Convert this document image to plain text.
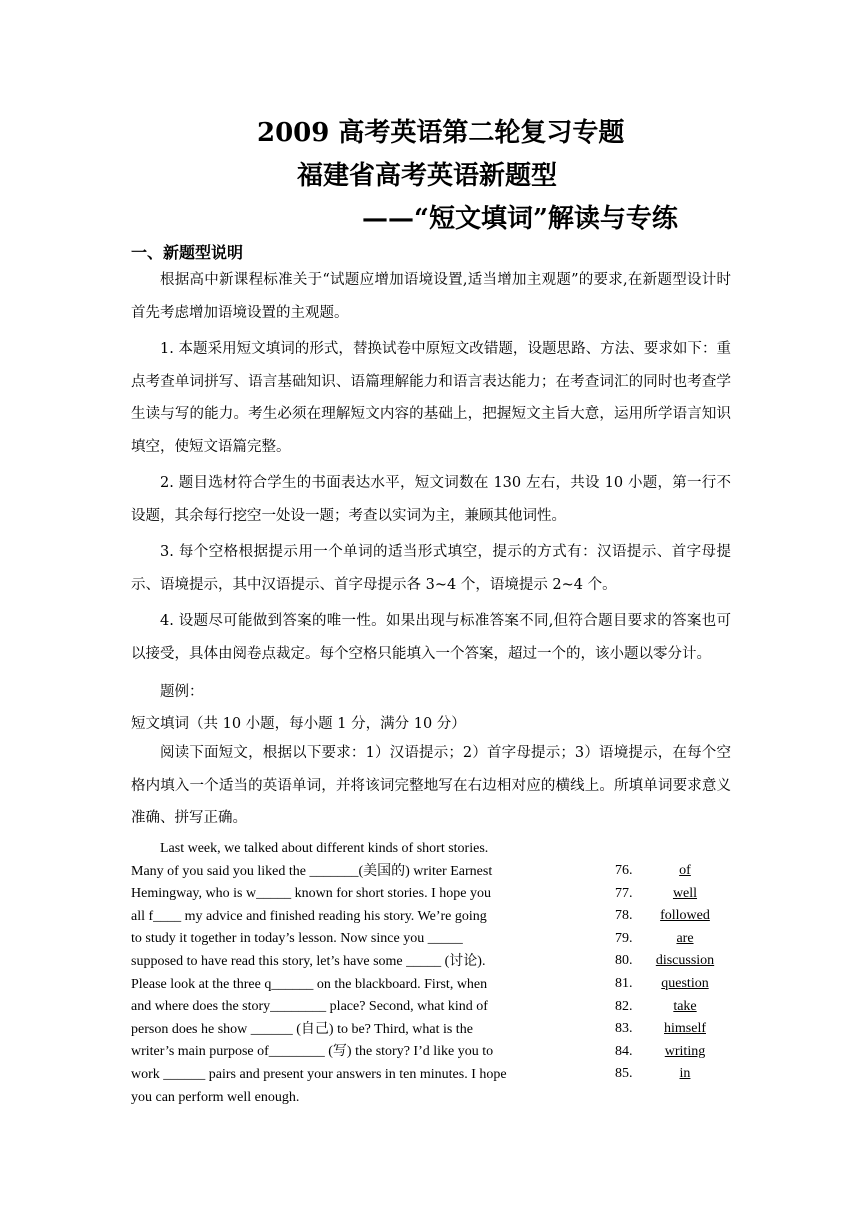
2009 高考英语第二轮复习专题
福建省高考英语新题型
——“短文填词”解读与专练
一、新题型说明
根据高中新课程标准关于“试题应增加语境设置,适当增加主观题”的要求,在新题型设计时首先考虑增加语境设置的主观题。
1. 本题采用短文填词的形式，替换试卷中原短文改错题，设题思路、方法、要求如下：重点考查单词拼写、语言基础知识、语篇理解能力和语言表达能力；在考查词汇的同时也考查学生读与写的能力。考生必须在理解短文内容的基础上，把握短文主旨大意，运用所学语言知识填空，使短文语篇完整。
2. 题目选材符合学生的书面表达水平，短文词数在 130 左右，共设 10 小题，第一行不设题，其余每行挖空一处设一题；考查以实词为主，兼顾其他词性。
3. 每个空格根据提示用一个单词的适当形式填空，提示的方式有：汉语提示、首字母提示、语境提示，其中汉语提示、首字母提示各 3~4 个，语境提示 2~4 个。
4. 设题尽可能做到答案的唯一性。如果出现与标准答案不同,但符合题目要求的答案也可以接受，具体由阅卷点裁定。每个空格只能填入一个答案，超过一个的，该小题以零分计。
题例：
短文填词（共 10 小题，每小题 1 分，满分 10 分）
阅读下面短文，根据以下要求：1）汉语提示；2）首字母提示；3）语境提示，在每个空格内填入一个适当的英语单词，并将该词完整地写在右边相对应的横线上。所填单词要求意义准确、拼写正确。
Last week, we talked about different kinds of short stories.
Many of you said you liked the _______(美国的) writer Earnest
Hemingway, who is w_____ known for short stories. I hope you
all f____ my advice and finished reading his story. We’re going
to study it together in today’s lesson. Now since you _____
supposed to have read this story, let’s have some _____ (讨论).
Please look at the three q______ on the blackboard. First, when
and where does the story________ place? Second, what kind of
person does he show ______ (自己) to be? Third, what is the
writer’s main purpose of________ (写) the story? I’d like you to
work ______ pairs and present your answers in ten minutes. I hope
you can perform well enough.
76.	of
77.	well
78. followed
79.	are
80. discussion
81. question
82.	take
83. himself
84. writing
85.	in
